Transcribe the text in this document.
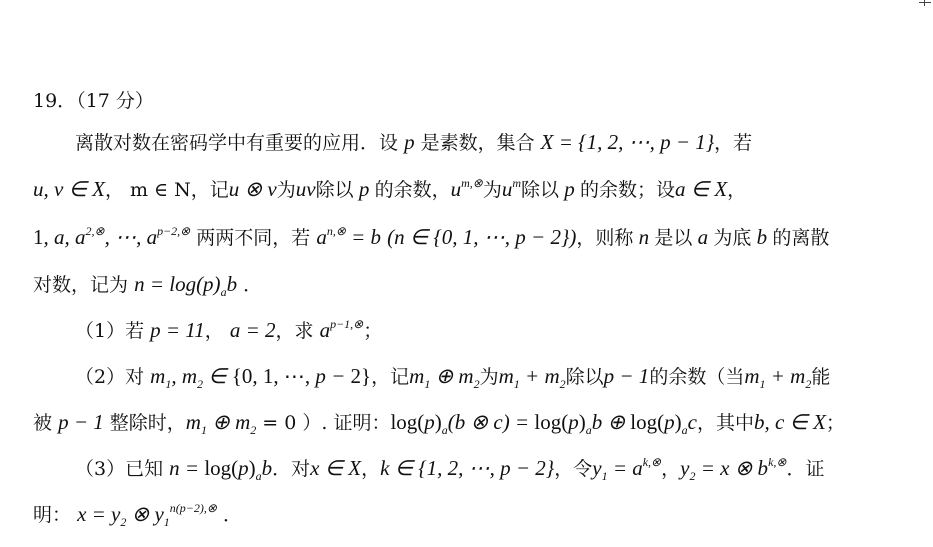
19．（17 分）
离散对数在密码学中有重要的应用．设 p 是素数，集合 X = {1, 2, ⋯, p − 1}，若
u, v ∈ X， m ∈ N，记u ⊗ v为uv除以 p 的余数，$u^{m,\otimes}$为$u^m$除以 p 的余数；设a ∈ X，
1, a, $a^{2,\otimes}$, ⋯, $a^{p-2,\otimes}$ 两两不同，若 $a^{n,\otimes} = b$ (n ∈ {0, 1, ⋯, p − 2})，则称 n 是以 a 为底 b 的离散
对数，记为 $n = \log(p)_ab$ ．
（1）若 p = 11， a = 2，求 $a^{p-1,\otimes}$；
（2）对 $m_1$, $m_2$ ∈ {0, 1, ⋯, p − 2}，记$m_1$ ⊕ $m_2$为$m_1 + m_2$除以p − 1的余数（当$m_1 + m_2$能
被 p − 1 整除时，$m_1$ ⊕ $m_2 = 0$ ）. 证明：$\log(p)_a(b$ ⊗ $c) = \log(p)_ab$ ⊕ $\log(p)_ac$，其中b, c ∈ X；
（3）已知 $n = \log(p)_ab$．对x ∈ X，k ∈ {1, 2, ⋯, p − 2}，令$y_1 = a^{k,\otimes}$，$y_2 = x$ ⊗ $b^{k,\otimes}$．证
明： $x = y_2$ ⊗ $y_1^{n(p-2),\otimes}$ ．
